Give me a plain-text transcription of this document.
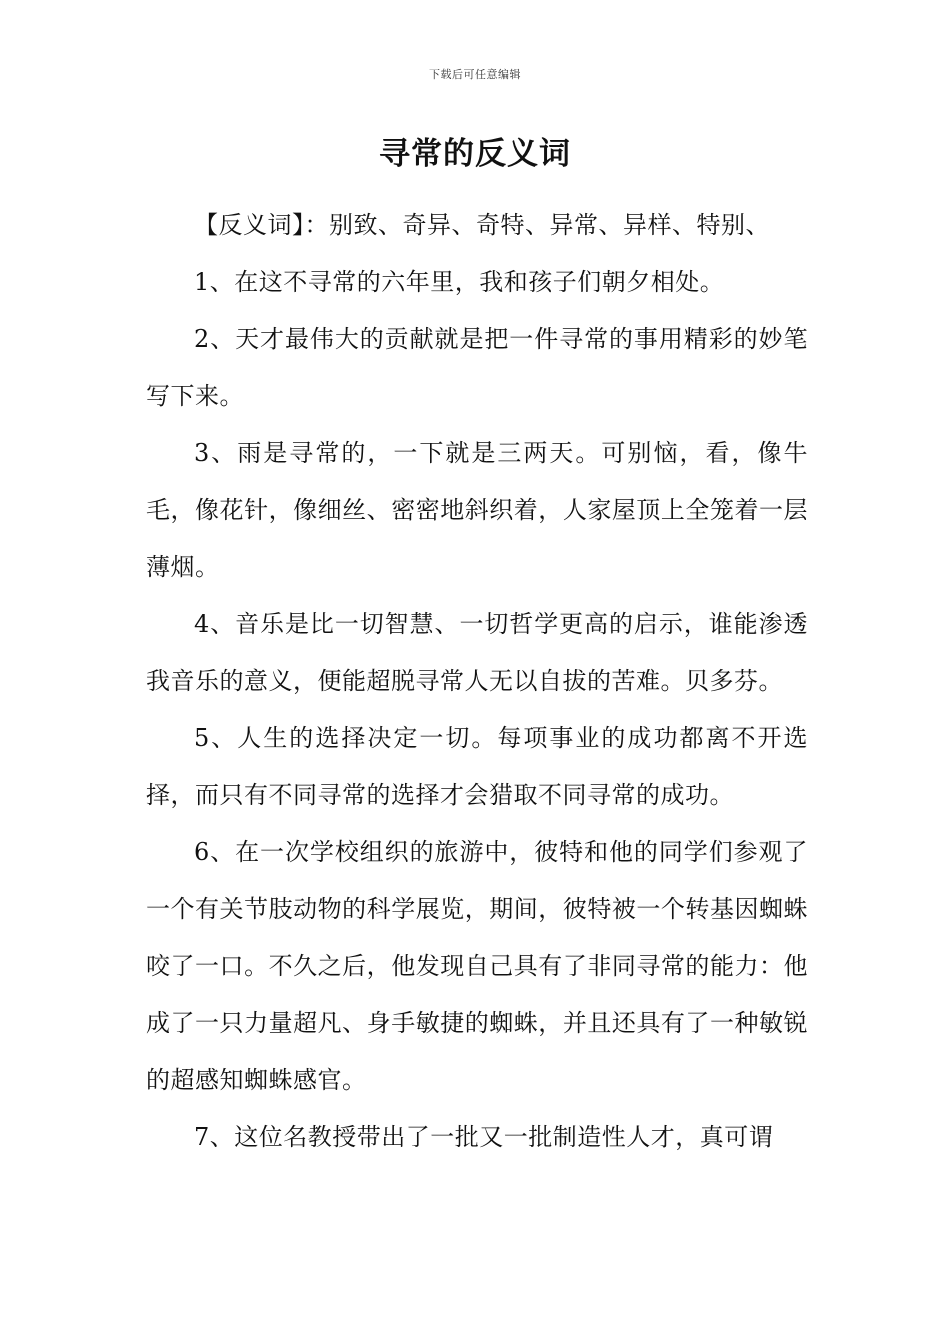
下载后可任意编辑
寻常的反义词

【反义词】：别致、奇异、奇特、异常、异样、特别、

1、在这不寻常的六年里，我和孩子们朝夕相处。

2、天才最伟大的贡献就是把一件寻常的事用精彩的妙笔写下来。

3、雨是寻常的，一下就是三两天。可别恼，看，像牛毛，像花针，像细丝、密密地斜织着，人家屋顶上全笼着一层薄烟。

4、音乐是比一切智慧、一切哲学更高的启示，谁能渗透我音乐的意义，便能超脱寻常人无以自拔的苦难。贝多芬。

5、人生的选择决定一切。每项事业的成功都离不开选择，而只有不同寻常的选择才会猎取不同寻常的成功。

6、在一次学校组织的旅游中，彼特和他的同学们参观了一个有关节肢动物的科学展览，期间，彼特被一个转基因蜘蛛咬了一口。不久之后，他发现自己具有了非同寻常的能力：他成了一只力量超凡、身手敏捷的蜘蛛，并且还具有了一种敏锐的超感知蜘蛛感官。

7、这位名教授带出了一批又一批制造性人才，真可谓
